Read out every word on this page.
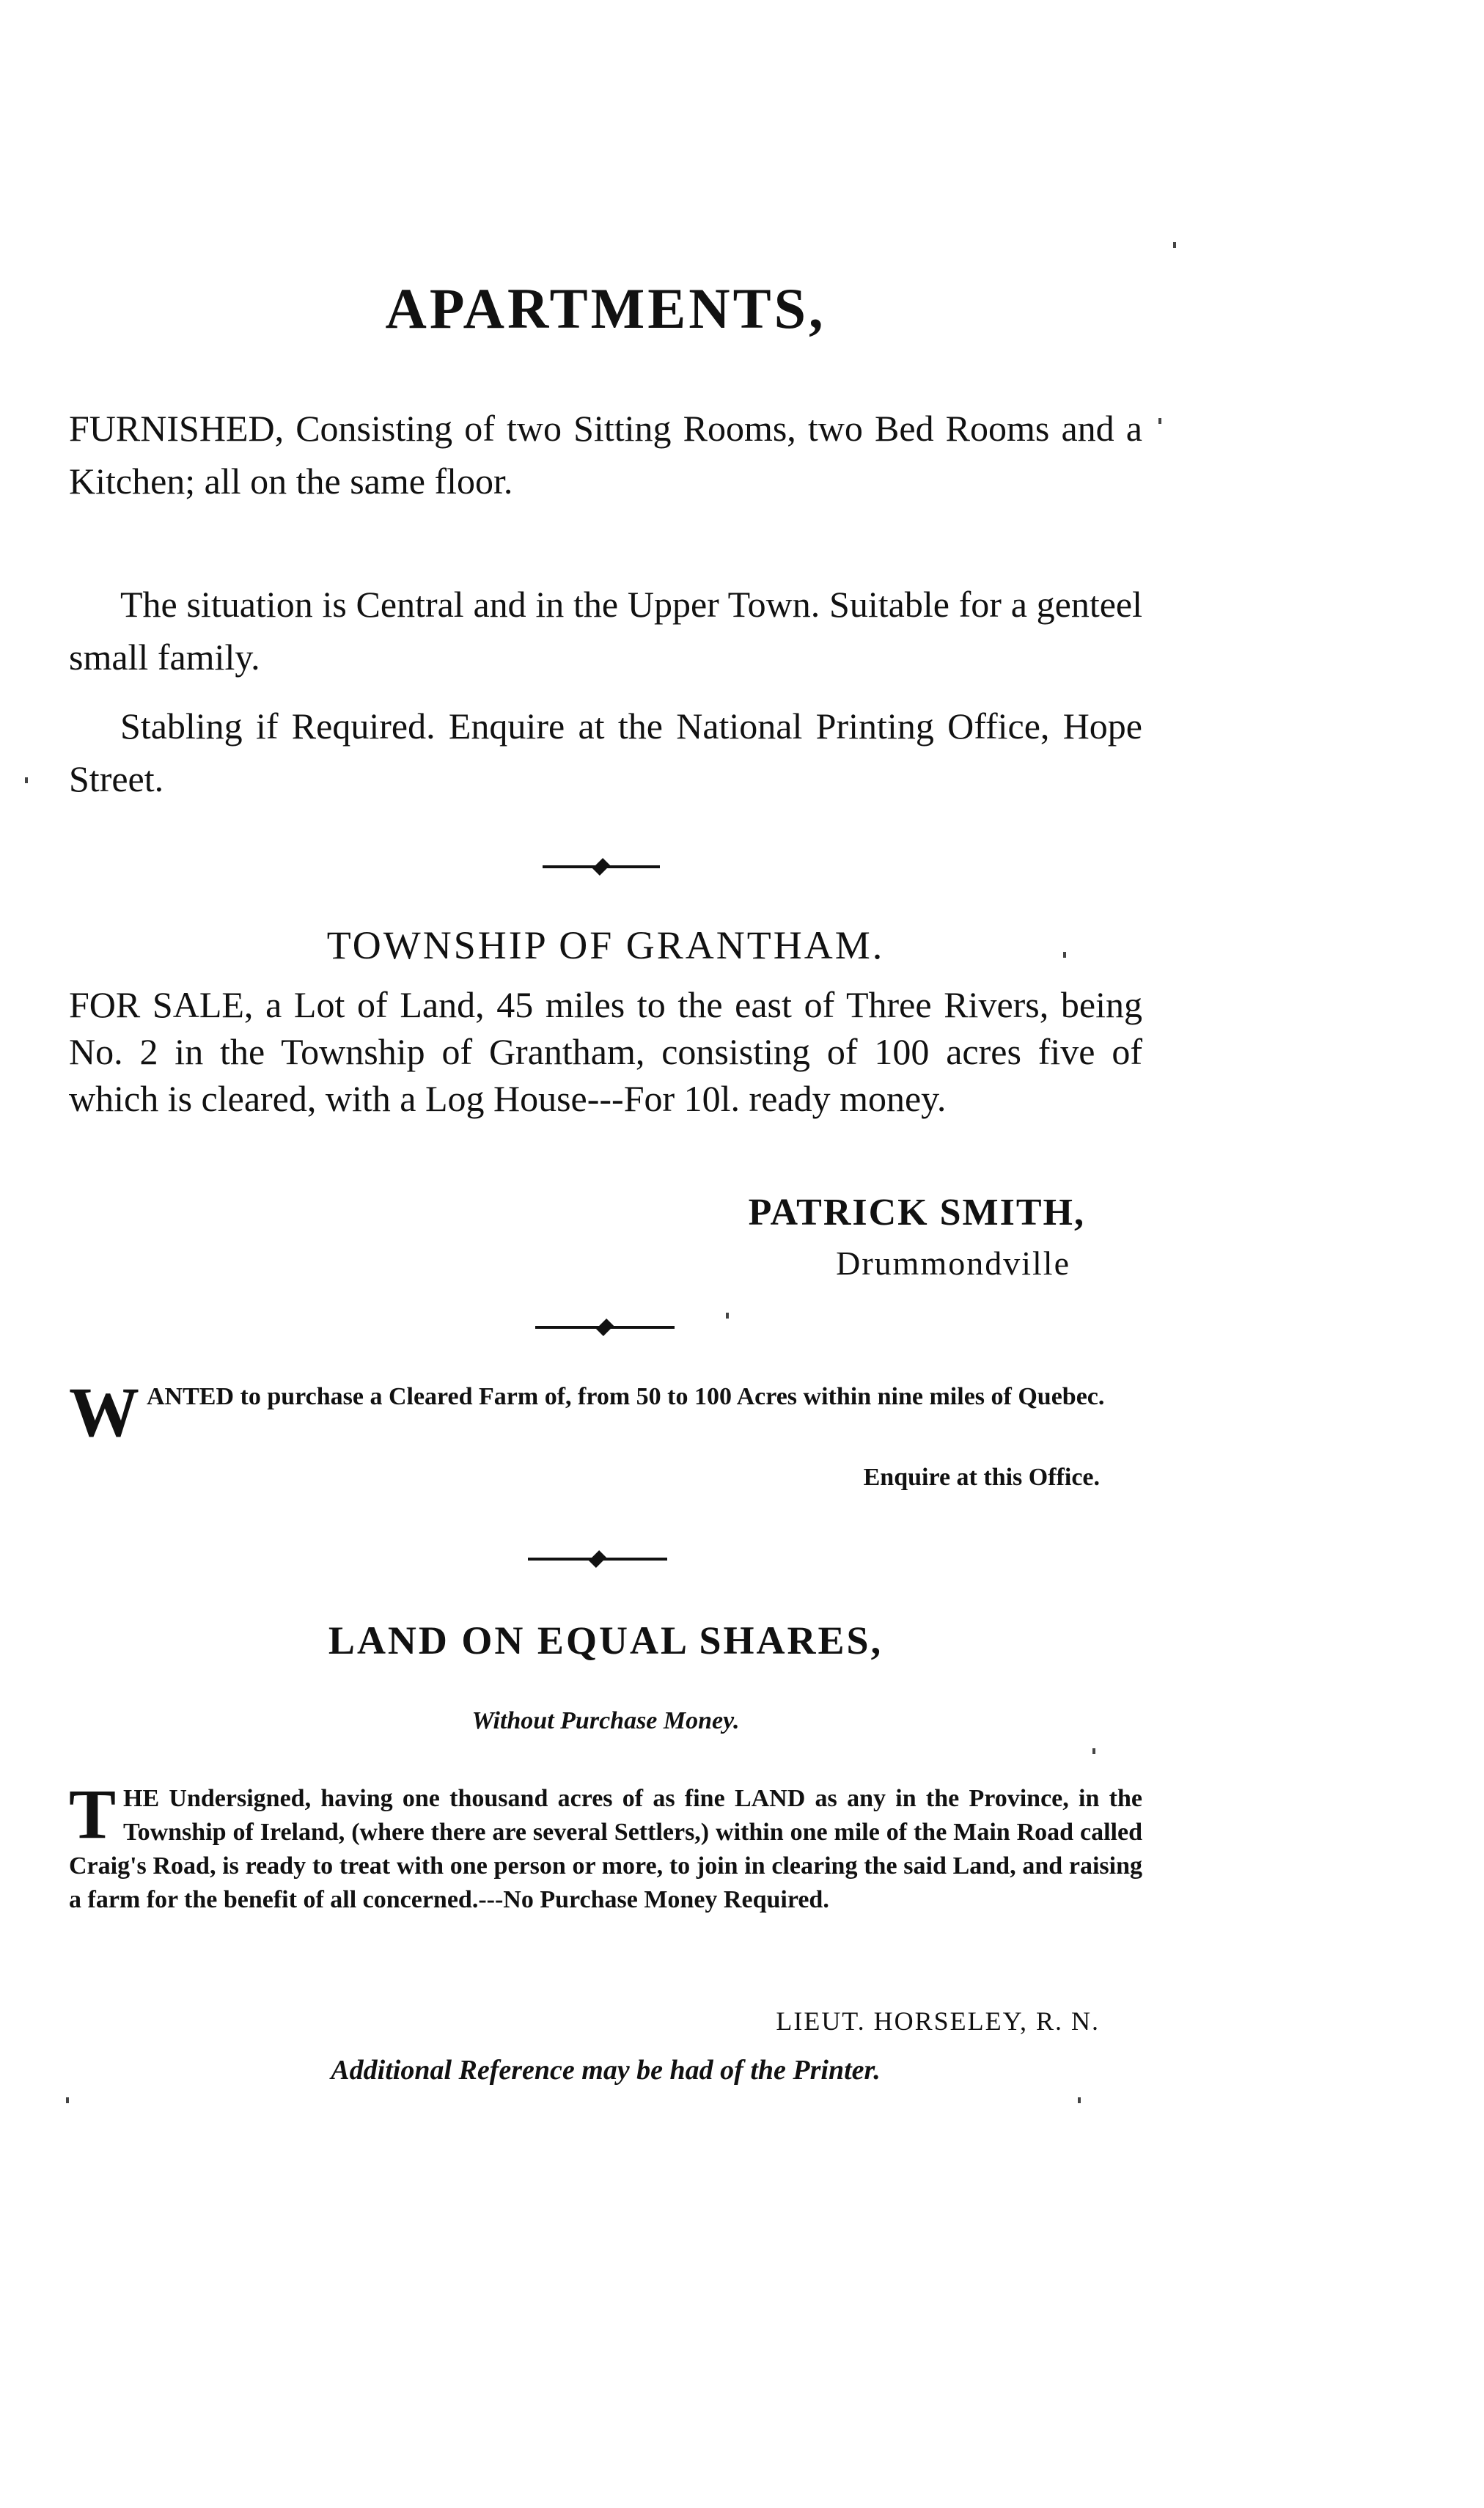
APARTMENTS,
FURNISHED, Consisting of two Sitting Rooms, two Bed Rooms and a Kitchen; all on the same floor.
The situation is Central and in the Upper Town. Suitable for a genteel small family.
Stabling if Required. Enquire at the National Printing Office, Hope Street.
TOWNSHIP OF GRANTHAM.
FOR SALE, a Lot of Land, 45 miles to the east of Three Rivers, being No. 2 in the Township of Grantham, consisting of 100 acres five of which is cleared, with a Log House---For 10l. ready money.
PATRICK SMITH,
Drummondville
W ANTED to purchase a Cleared Farm of, from 50 to 100 Acres within nine miles of Quebec.
Enquire at this Office.
LAND ON EQUAL SHARES,
Without Purchase Money.
T HE Undersigned, having one thousand acres of as fine LAND as any in the Province, in the Township of Ireland, (where there are several Settlers,) within one mile of the Main Road called Craig's Road, is ready to treat with one person or more, to join in clearing the said Land, and raising a farm for the benefit of all concerned.---No Purchase Money Required.
LIEUT. HORSELEY, R. N.
Additional Reference may be had of the Printer.
